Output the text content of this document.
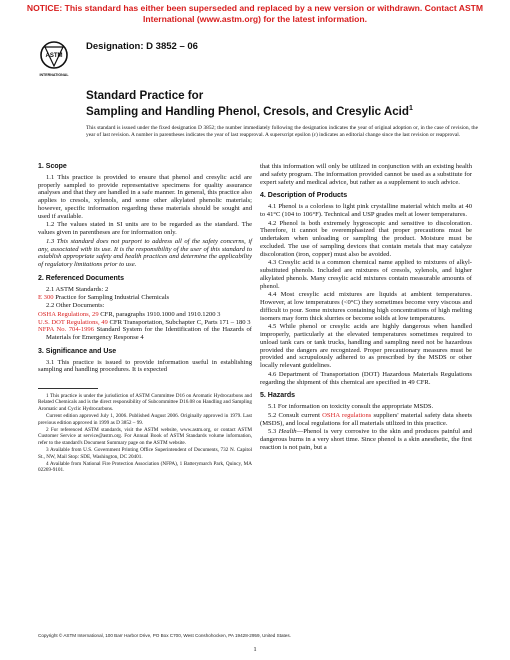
NOTICE: This standard has either been superseded and replaced by a new version or withdrawn. Contact ASTM
International (www.astm.org) for the latest information.
ASTM
INTERNATIONAL
Designation: D 3852 – 06
Standard Practice for
Sampling and Handling Phenol, Cresols, and Cresylic Acid$^1$
This standard is issued under the fixed designation D 3852; the number immediately following the designation indicates the year of original adoption or, in the case of revision, the year of last revision. A number in parentheses indicates the year of last reapproval. A superscript epsilon (ε) indicates an editorial change since the last revision or reapproval.
1. Scope

1.1 This practice is provided to ensure that phenol and cresylic acid are properly sampled to provide representative specimens for quality assurance analyses and that they are handled in a safe manner. In general, this practice also applies to cresols, xylenols, and some other alkylated phenolic materials; however, specific information regarding these materials should be sought and used if available.

1.2 The values stated in SI units are to be regarded as the standard. The values given in parentheses are for information only.

1.3 This standard does not purport to address all of the safety concerns, if any, associated with its use. It is the responsibility of the user of this standard to establish appropriate safety and health practices and determine the applicability of regulatory limitations prior to use.

2. Referenced Documents

2.1 ASTM Standards: 2

E 300 Practice for Sampling Industrial Chemicals

2.2 Other Documents:

OSHA Regulations, 29 CFR, paragraphs 1910.1000 and 1910.1200 3

U.S. DOT Regulations, 49 CFR Transportation, Subchapter C, Parts 171 – 180 3

NFPA No. 704-1996 Standard System for the Identification of the Hazards of Materials for Emergency Response 4

3. Significance and Use

3.1 This practice is issued to provide information useful in establishing sampling and handling procedures. It is expected

1 This practice is under the jurisdiction of ASTM Committee D16 on Aromatic Hydrocarbons and Related Chemicals and is the direct responsibility of Subcommittee D16.08 on Handling and Sampling Aromatic and Cyclic Hydrocarbons.

Current edition approved July 1, 2006. Published August 2006. Originally approved in 1979. Last previous edition approved in 1999 as D 3852 – 99.

2 For referenced ASTM standards, visit the ASTM website, www.astm.org, or contact ASTM Customer Service at service@astm.org. For Annual Book of ASTM Standards volume information, refer to the standard's Document Summary page on the ASTM website.

3 Available from U.S. Government Printing Office Superintendent of Documents, 732 N. Capitol St., NW, Mail Stop: SDE, Washington, DC 20401.

4 Available from National Fire Protection Association (NFPA), 1 Batterymarch Park, Quincy, MA 02269-9101.

that this information will only be utilized in conjunction with an existing health and safety program. The information provided cannot be used as a substitute for expert safety and medical advice, but rather as a supplement to such advice.

4. Description of Products

4.1 Phenol is a colorless to light pink crystalline material which melts at 40 to 41°C (104 to 106°F). Technical and USP grades melt at lower temperatures.

4.2 Phenol is both extremely hygroscopic and sensitive to discoloration. Therefore, it cannot be overemphasized that proper precautions must be undertaken when unloading or sampling the product. Moisture must be excluded. The use of sampling devices that contain metals that may catalyze discoloration (iron, copper) must also be avoided.

4.3 Cresylic acid is a common chemical name applied to mixtures of alkyl-substituted phenols. Included are mixtures of cresols, xylenols, and higher alkylated phenols. Many cresylic acid mixtures contain measurable amounts of phenol.

4.4 Most cresylic acid mixtures are liquids at ambient temperatures. However, at low temperatures (<0°C) they sometimes become very viscous and difficult to pour. Some mixtures containing high concentrations of high melting isomers may form thick slurries or become solids at low temperatures.

4.5 While phenol or cresylic acids are highly dangerous when handled improperly, particularly at the elevated temperatures sometimes required to unload tank cars or tank trucks, handling and sampling need not be hazardous provided the dangers are recognized. Proper precautionary measures must be provided and scrupulously adhered to as prescribed by the MSDS or other locally relevant guidelines.

4.6 Department of Transportation (DOT) Hazardous Materials Regulations regarding the shipment of this chemical are specified in 49 CFR.

5. Hazards

5.1 For information on toxicity consult the appropriate MSDS.

5.2 Consult current OSHA regulations suppliers' material safety data sheets (MSDS), and local regulations for all materials utilized in this practice.

5.3 Health—Phenol is very corrosive to the skin and produces painful and dangerous burns in a very short time. Since phenol is a skin anesthetic, the first reaction is not pain, but a

Copyright © ASTM International, 100 Barr Harbor Drive, PO Box C700, West Conshohocken, PA 19428-2959, United States.
1
